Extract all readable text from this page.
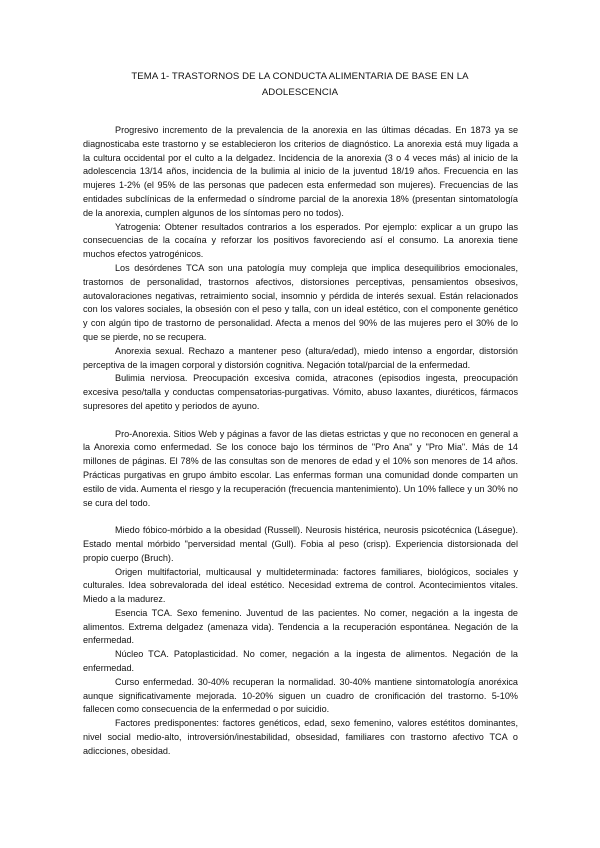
TEMA 1- TRASTORNOS DE LA CONDUCTA ALIMENTARIA DE BASE EN LA
ADOLESCENCIA

Progresivo incremento de la prevalencia de la anorexia en las últimas décadas. En 1873 ya se diagnosticaba este trastorno y se establecieron los criterios de diagnóstico. La anorexia está muy ligada a la cultura occidental por el culto a la delgadez. Incidencia de la anorexia (3 o 4 veces más) al inicio de la adolescencia 13/14 años, incidencia de la bulimia al inicio de la juventud 18/19 años. Frecuencia en las mujeres 1-2% (el 95% de las personas que padecen esta enfermedad son mujeres). Frecuencias de las entidades subclínicas de la enfermedad o síndrome parcial de la anorexia 18% (presentan sintomatología de la anorexia, cumplen algunos de los síntomas pero no todos).

Yatrogenia: Obtener resultados contrarios a los esperados. Por ejemplo: explicar a un grupo las consecuencias de la cocaína y reforzar los positivos favoreciendo así el consumo. La anorexia tiene muchos efectos yatrogénicos.

Los desórdenes TCA son una patología muy compleja que implica desequilibrios emocionales, trastornos de personalidad, trastornos afectivos, distorsiones perceptivas, pensamientos obsesivos, autovaloraciones negativas, retraimiento social, insomnio y pérdida de interés sexual. Están relacionados con los valores sociales, la obsesión con el peso y talla, con un ideal estético, con el componente genético y con algún tipo de trastorno de personalidad. Afecta a menos del 90% de las mujeres pero el 30% de lo que se pierde, no se recupera.

Anorexia sexual. Rechazo a mantener peso (altura/edad), miedo intenso a engordar, distorsión perceptiva de la imagen corporal y distorsión cognitiva. Negación total/parcial de la enfermedad.

Bulimia nerviosa. Preocupación excesiva comida, atracones (episodios ingesta, preocupación excesiva peso/talla y conductas compensatorias-purgativas. Vómito, abuso laxantes, diuréticos, fármacos supresores del apetito y periodos de ayuno.

Pro-Anorexia. Sitios Web y páginas a favor de las dietas estrictas y que no reconocen en general a la Anorexia como enfermedad. Se los conoce bajo los términos de "Pro Ana" y "Pro Mia". Más de 14 millones de páginas. El 78% de las consultas son de menores de edad y el 10% son menores de 14 años. Prácticas purgativas en grupo ámbito escolar. Las enfermas forman una comunidad donde comparten un estilo de vida. Aumenta el riesgo y la recuperación (frecuencia mantenimiento). Un 10% fallece y un 30% no se cura del todo.

Miedo fóbico-mórbido a la obesidad (Russell). Neurosis histérica, neurosis psicotécnica (Lásegue). Estado mental mórbido "perversidad mental (Gull). Fobia al peso (crisp). Experiencia distorsionada del propio cuerpo (Bruch).

Origen multifactorial, multicausal y multideterminada: factores familiares, biológicos, sociales y culturales. Idea sobrevalorada del ideal estético. Necesidad extrema de control. Acontecimientos vitales. Miedo a la madurez.

Esencia TCA. Sexo femenino. Juventud de las pacientes. No comer, negación a la ingesta de alimentos. Extrema delgadez (amenaza vida). Tendencia a la recuperación espontánea. Negación de la enfermedad.

Núcleo TCA. Patoplasticidad. No comer, negación a la ingesta de alimentos. Negación de la enfermedad.

Curso enfermedad. 30-40% recuperan la normalidad. 30-40% mantiene sintomatología anoréxica aunque significativamente mejorada. 10-20% siguen un cuadro de cronificación del trastorno. 5-10% fallecen como consecuencia de la enfermedad o por suicidio.

Factores predisponentes: factores genéticos, edad, sexo femenino, valores estétitos dominantes, nivel social medio-alto, introversión/inestabilidad, obsesidad, familiares con trastorno afectivo TCA o adicciones, obesidad.
